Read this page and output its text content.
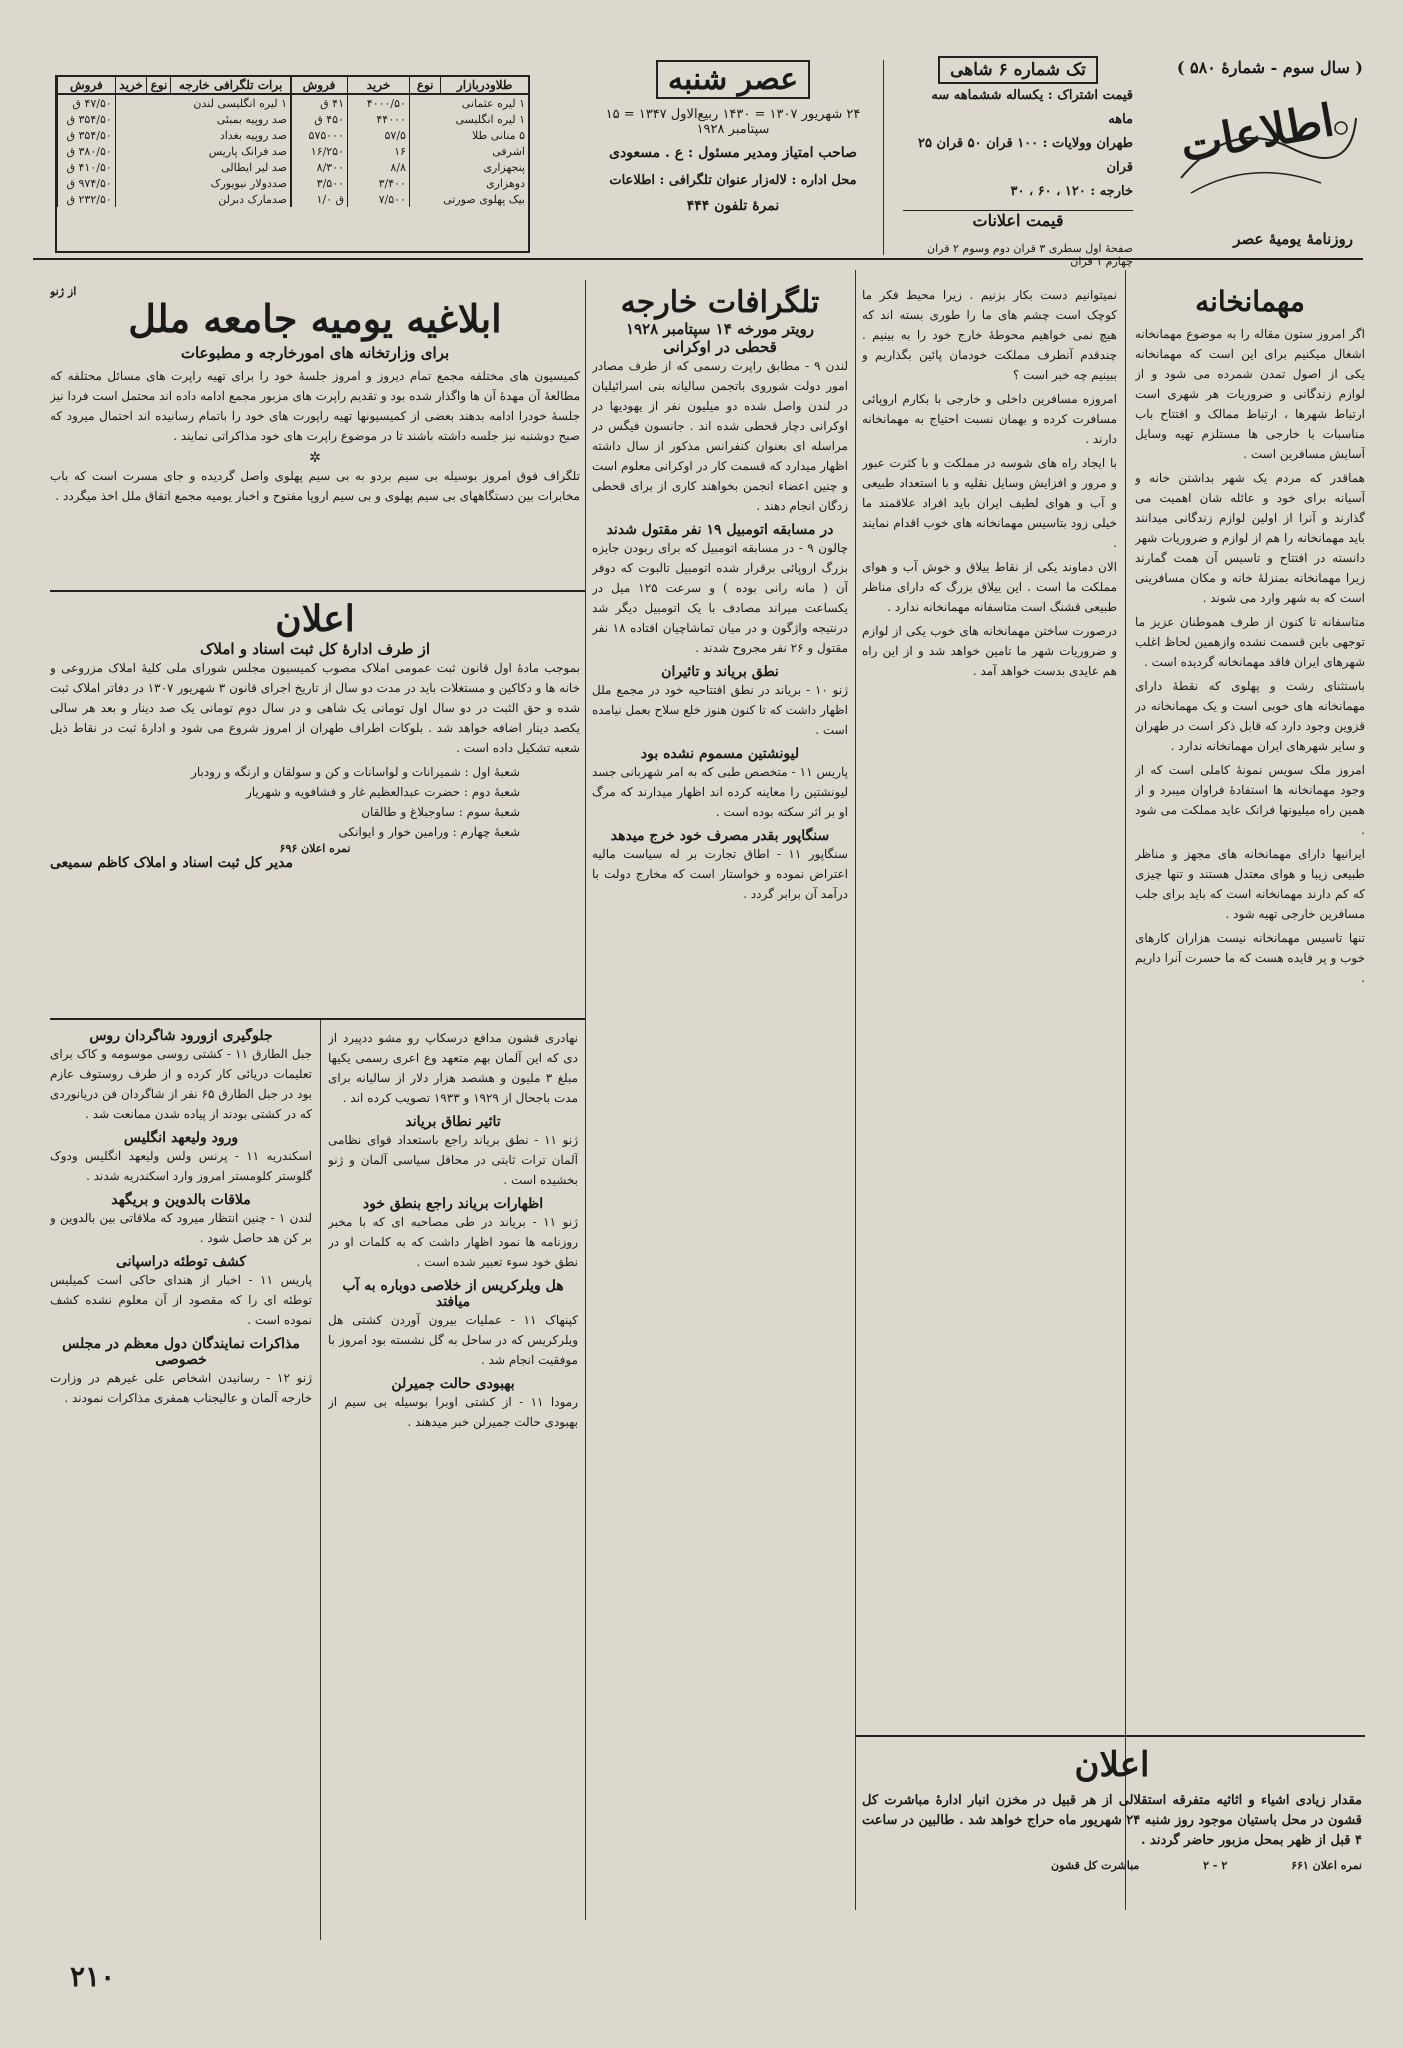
( سال سوم - شمارهٔ ۵۸۰ )
اطلاعات
روزنامهٔ یومیهٔ عصر
تک شماره ۶ شاهی
قیمت اشتراک : یکساله ششماهه سه ماهه
طهران وولایات : ۱۰۰ قران ۵۰ قران ۲۵ قران
خارجه : ۱۲۰ ، ۶۰ ، ۳۰
قیمت اعلانات
صفحهٔ اول سطری ۳ قران دوم وسوم ۲ قران چهارم ۱ قران
عصر شنبه
۲۴ شهریور ۱۳۰۷ = ۱۴۳۰ ربیع‌الاول ۱۳۴۷ = ۱۵ سپتامبر ۱۹۲۸
صاحب امتیاز ومدیر مسئول : ع . مسعودی
محل اداره : لاله‌زار عنوان تلگرافی : اطلاعات
نمرهٔ تلفون ۴۴۴
طلاودربازار	نوع	خرید	فروش
۱ لیره عثمانی		۴۰۰۰/۵۰	۴۱ ق
۱ لیره انگلیسی		۴۴۰۰۰	۴۵۰ ق
۵ منانی طلا		۵۷/۵	۵۷۵۰۰۰
اشرفی		۱۶	۱۶/۲۵۰
پنجهزاری		۸/۸	۸/۳۰۰
دوهزاری		۳/۴۰۰	۳/۵۰۰
بیک پهلوی صورتی		۷/۵۰۰	ق ۱/۰
برات تلگرافی خارجه	نوع	خرید	فروش
۱ لیره انگلیسی لندن			۴۷/۵۰ ق
صد روپیه بمبئی			۳۵۴/۵۰ ق
صد روپیه بغداد			۳۵۴/۵۰ ق
صد فرانک پاریس			۳۸۰/۵۰ ق
صد لیر ایطالی			۴۱۰/۵۰ ق
صددولار نیویورک			۹۷۴/۵۰ ق
صدمارک دبرلن			۲۳۲/۵۰ ق
مهمانخانه

اگر امروز ستون مقاله را به موضوع مهمانخانه اشغال میکنیم برای این است که مهمانخانه یکی از اصول تمدن شمرده می شود و از لوازم زندگانی و ضروریات هر شهری است ارتباط شهرها ، ارتباط ممالک و افتتاح باب مناسبات با خارجی ها مستلزم تهیه وسایل آسایش مسافرین است .

هماقدر که مردم یک شهر بداشتن خانه و آسیانه برای خود و عائله شان اهمیت می گذارند و آنرا از اولین لوازم زندگانی میدانند باید مهمانخانه را هم از لوازم و ضروریات شهر دانسته در افتتاح و تاسیس آن همت گمارند زیرا مهمانخانه بمنزلهٔ خانه و مکان مسافرینی است که به شهر وارد می شوند .

متاسفانه تا کنون از طرف هموطنان عزیز ما توجهی باین قسمت نشده وازهمین لحاظ اغلب شهرهای ایران فاقد مهمانخانه گردیده است .

باستثنای رشت و پهلوی که نقطهٔ دارای مهمانخانه های خوبی است و یک مهمانخانه در قزوین وجود دارد که قابل ذکر است در طهران و سایر شهرهای ایران مهمانخانه ندارد .

امروز ملک سویس نمونهٔ کاملی است که از وجود مهمانخانه ها استفادهٔ فراوان میبرد و از همین راه میلیونها فرانک عاید مملکت می شود .

ایرانیها دارای مهمانخانه های مجهز و مناظر طبیعی زیبا و هوای معتدل هستند و تنها چیزی که کم دارند مهمانخانه است که باید برای جلب مسافرین خارجی تهیه شود .

تنها تاسیس مهمانخانه نیست هزاران کارهای خوب و پر فایده هست که ما حسرت آنرا داریم .

نمیتوانیم دست بکار بزنیم . زیرا محیط فکر ما کوچک است چشم های ما را طوری بسته اند که هیچ نمی خواهیم محوطهٔ خارج خود را به بینیم . چندقدم آنطرف مملکت خودمان پائین بگذاریم و ببینیم چه خبر است ؟

امروزه مسافرین داخلی و خارجی با بکارم اروپائی مسافرت کرده و بهمان نسبت احتیاج به مهمانخانه دارند .

با ایجاد راه های شوسه در مملکت و با کثرت عبور و مرور و افزایش وسایل نقلیه و با استعداد طبیعی و آب و هوای لطیف ایران باید افراد علاقمند ما خیلی زود بتاسیس مهمانخانه های خوب اقدام نمایند .

الان دماوند یکی از نقاط ییلاق و خوش آب و هوای مملکت ما است . این ییلاق بزرگ که دارای مناظر طبیعی قشنگ است متاسفانه مهمانخانه ندارد .

درصورت ساختن مهمانخانه های خوب یکی از لوازم و ضروریات شهر ما تامین خواهد شد و از این راه هم عایدی بدست خواهد آمد .

اعلان
مقدار زیادی اشیاء و اثاثیه متفرقه استقلالی از هر قبیل در مخزن انبار ادارهٔ مباشرت کل قشون در محل باستیان موجود روز شنبه ۲۴ شهریور ماه حراج خواهد شد . طالبین در ساعت ۴ قبل از ظهر بمحل مزبور حاضر گردند .
نمره اعلان ۶۶۱ ۲ - ۲ مباشرت کل قشون
تلگرافات خارجه
رویتر مورخه ۱۴ سپتامبر ۱۹۲۸
قحطی در اوکرانی

لندن ۹ - مطابق راپرت رسمی که از طرف مصادر امور دولت شوروی باتجمن سالیانه بنی اسرائیلیان در لندن واصل شده دو میلیون نفر از یهودیها در اوکرانی دچار قحطی شده اند . جانسون فیگس در مراسله ای بعنوان کنفرانس مذکور از سال داشته اظهار میدارد که قسمت کار در اوکرانی معلوم است و چنین اعضاء انجمن بخواهند کاری از برای قحطی زدگان انجام دهند .

در مسابقه اتومبیل ۱۹ نفر مقتول شدند

چالون ۹ - در مسابقه اتومبیل که برای ربودن جایزه بزرگ اروپائی برقرار شده اتومبیل تالبوت که دوفر آن ( مانه رانی بوده ) و سرعت ۱۲۵ میل در یکساعت میراند مصادف با یک اتومبیل دیگر شد درنتیجه واژگون و در میان تماشاچیان افتاده ۱۸ نفر مقتول و ۲۶ نفر مجروح شدند .

نطق بریاند و تاثیران

ژنو ۱۰ - بریاند در نطق افتتاحیه خود در مجمع ملل اظهار داشت که تا کنون هنوز خلع سلاح بعمل نیامده است .

لیونشتین مسموم نشده بود

پاریس ۱۱ - متخصص طبی که به امر شهربانی جسد لیونشتین را معاینه کرده اند اظهار میدارند که مرگ او بر اثر سکته بوده است .

سنگاپور بقدر مصرف خود خرج میدهد

سنگاپور ۱۱ - اطاق تجارت بر له سیاست مالیه اعتراض نموده و خواستار است که مخارج دولت با درآمد آن برابر گردد .

از ژنو
ابلاغیه یومیه جامعه ملل
برای وزارتخانه های امورخارجه و مطبوعات

کمیسیون های مختلفه مجمع تمام دیروز و امروز جلسهٔ خود را برای تهیه راپرت های مسائل محتلفه که مطالعهٔ آن مهدهٔ آن ها واگذار شده بود و تقدیم راپرت های مزبور مجمع ادامه داده اند محتمل است فردا نیز جلسهٔ خودرا ادامه بدهند بعضی از کمیسیونها تهیه راپورت های خود را باتمام رسانیده اند احتمال میرود که صبح دوشنبه نیز جلسه داشته باشند تا در موضوع راپرت های خود مذاکراتی نمایند .

✲

تلگراف فوق امروز بوسیله بی سیم بردو به بی سیم پهلوی واصل گردیده و جای مسرت است که باب مخابرات بین دستگاههای بی سیم پهلوی و بی سیم اروپا مفتوح و اخبار یومیه مجمع اتفاق ملل اخذ میگردد .

اعلان
از طرف ادارهٔ کل ثبت اسناد و املاک

بموجب مادهٔ اول قانون ثبت عمومی املاک مصوب کمیسیون مجلس شورای ملی کلیهٔ املاک مزروعی و خانه ها و دکاکین و مستغلات باید در مدت دو سال از تاریخ اجرای قانون ۳ شهریور ۱۳۰۷ در دفاتر املاک ثبت شده و حق الثبت در دو سال اول تومانی یک شاهی و در سال دوم تومانی یک صد دینار و بعد هر سالی یکصد دینار اضافه خواهد شد . بلوکات اطراف طهران از امروز شروع می شود و ادارهٔ ثبت در نقاط ذیل شعبه تشکیل داده است .

شعبهٔ اول : شمیرانات و لواسانات و کن و سولقان و ارنگه و رودبار
شعبهٔ دوم : حضرت عبدالعظیم غار و فشافویه و شهریار
شعبهٔ سوم : ساوجبلاغ و طالقان
شعبهٔ چهارم : ورامین خوار و ایوانکی
نمره اعلان ۶۹۶
مدیر کل ثبت اسناد و املاک کاظم سمیعی

نهادری قشون مدافع درسکاپ رو مشو ددپیرد از دی که این آلمان بهم متعهد وع اعری رسمی یکیها مبلغ ۳ ملیون و هشصد هزار دلار از سالیانه برای مدت باجحال از ۱۹۲۹ و ۱۹۳۳ تصویب کرده اند .

تاثیر نطاق بریاند

ژنو ۱۱ - نطق بریاند راجع باستعداد قوای نظامی آلمان ترات ثابتی در محافل سیاسی آلمان و ژنو بخشیده است .

اظهارات بریاند راجع بنطق خود

ژنو ۱۱ - بریاند در طی مصاحبه ای که با مخبر روزنامه ها نمود اظهار داشت که به کلمات او در نطق خود سوء تعبیر شده است .

هل ویلرکریس از خلاصی دوباره به آب میافتد

کپنهاک ۱۱ - عملیات بیرون آوردن کشتی هل ویلرکریس که در ساحل به گل نشسته بود امروز با موفقیت انجام شد .

بهبودی حالت جمیرلن

رمودا ۱۱ - از کشتی اوبرا بوسیله بی سیم از بهبودی حالت جمیرلن خبر میدهند .

جلوگیری ازورود شاگردان روس

جبل الطارق ۱۱ - کشتی روسی موسومه و کاک برای تعلیمات دریائی کار کرده و از طرف روستوف عازم بود در جبل الطارق ۶۵ نفر از شاگردان فن دریانوردی که در کشتی بودند از پیاده شدن ممانعت شد .

ورود ولیعهد انگلیس

اسکندریه ۱۱ - پرنس ولس ولیعهد انگلیس ودوک گلوستر کلومستر امروز وارد اسکندریه شدند .

ملاقات بالدوین و بریگهد

لندن ۱ - چنین انتظار میرود که ملاقاتی بین بالدوین و بر کن هد حاصل شود .

کشف توطئه دراسپانی

پاریس ۱۱ - اخبار از هندای حاکی است کمیلیس توطئه ای را که مقصود از آن معلوم نشده کشف نموده است .

مذاکرات نمایندگان دول معظم در مجلس خصوصی

ژنو ۱۲ - رسانیدن اشخاص علی غیرهم در وزارت خارجه آلمان و عالیجناب همفری مذاکرات نمودند .

۲۱۰
